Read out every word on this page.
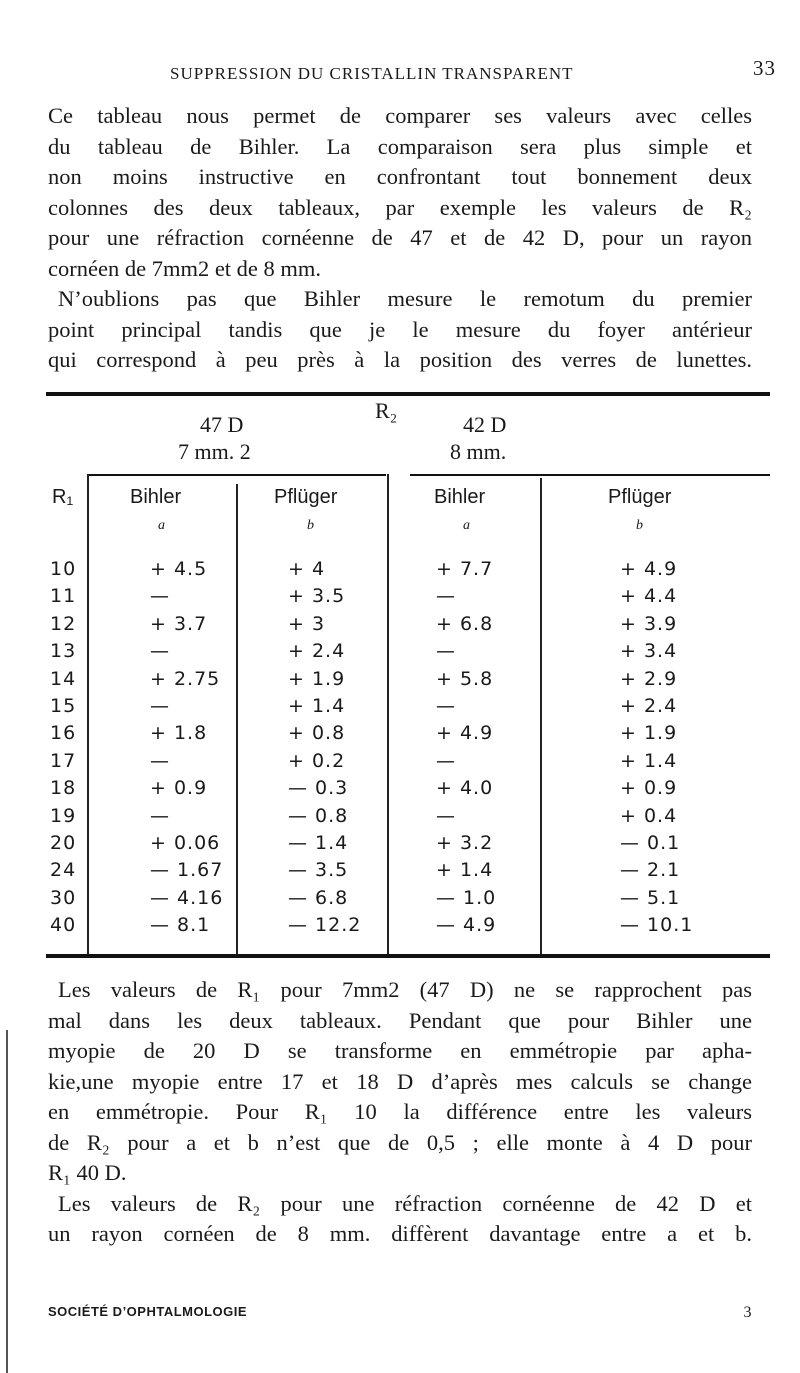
SUPPRESSION DU CRISTALLIN TRANSPARENT	33
Ce tableau nous permet de comparer ses valeurs avec celles
du tableau de Bihler. La comparaison sera plus simple et
non moins instructive en confrontant tout bonnement deux
colonnes des deux tableaux, par exemple les valeurs de R₂
pour une réfraction cornéenne de 47 et de 42 D, pour un rayon
cornéen de 7mm2 et de 8 mm.
N’oublions pas que Bihler mesure le remotum du premier
point principal tandis que je le mesure du foyer antérieur
qui correspond à peu près à la position des verres de lunettes.
R₂
47 D	42 D
7 mm. 2	8 mm.
R₁	Bihler	Pflüger	Bihler	Pflüger
a	b	a	b
10	+ 4.5	+ 4	+ 7.7	+ 4.9
11	—	+ 3.5	—	+ 4.4
12	+ 3.7	+ 3	+ 6.8	+ 3.9
13	—	+ 2.4	—	+ 3.4
14	+ 2.75	+ 1.9	+ 5.8	+ 2.9
15	—	+ 1.4	—	+ 2.4
16	+ 1.8	+ 0.8	+ 4.9	+ 1.9
17	—	+ 0.2	—	+ 1.4
18	+ 0.9	— 0.3	+ 4.0	+ 0.9
19	—	— 0.8	—	+ 0.4
20	+ 0.06	— 1.4	+ 3.2	— 0.1
24	— 1.67	— 3.5	+ 1.4	— 2.1
30	— 4.16	— 6.8	— 1.0	— 5.1
40	— 8.1	— 12.2	— 4.9	— 10.1
Les valeurs de R₁ pour 7mm2 (47 D) ne se rapprochent pas
mal dans les deux tableaux. Pendant que pour Bihler une
myopie de 20 D se transforme en emmétropie par apha-
kie,une myopie entre 17 et 18 D d’après mes calculs se change
en emmétropie. Pour R₁ 10 la différence entre les valeurs
de R₂ pour a et b n’est que de 0,5 ; elle monte à 4 D pour
R₁ 40 D.
Les valeurs de R₂ pour une réfraction cornéenne de 42 D et
un rayon cornéen de 8 mm. diffèrent davantage entre a et b.
SOCIÉTÉ D’OPHTALMOLOGIE	3
